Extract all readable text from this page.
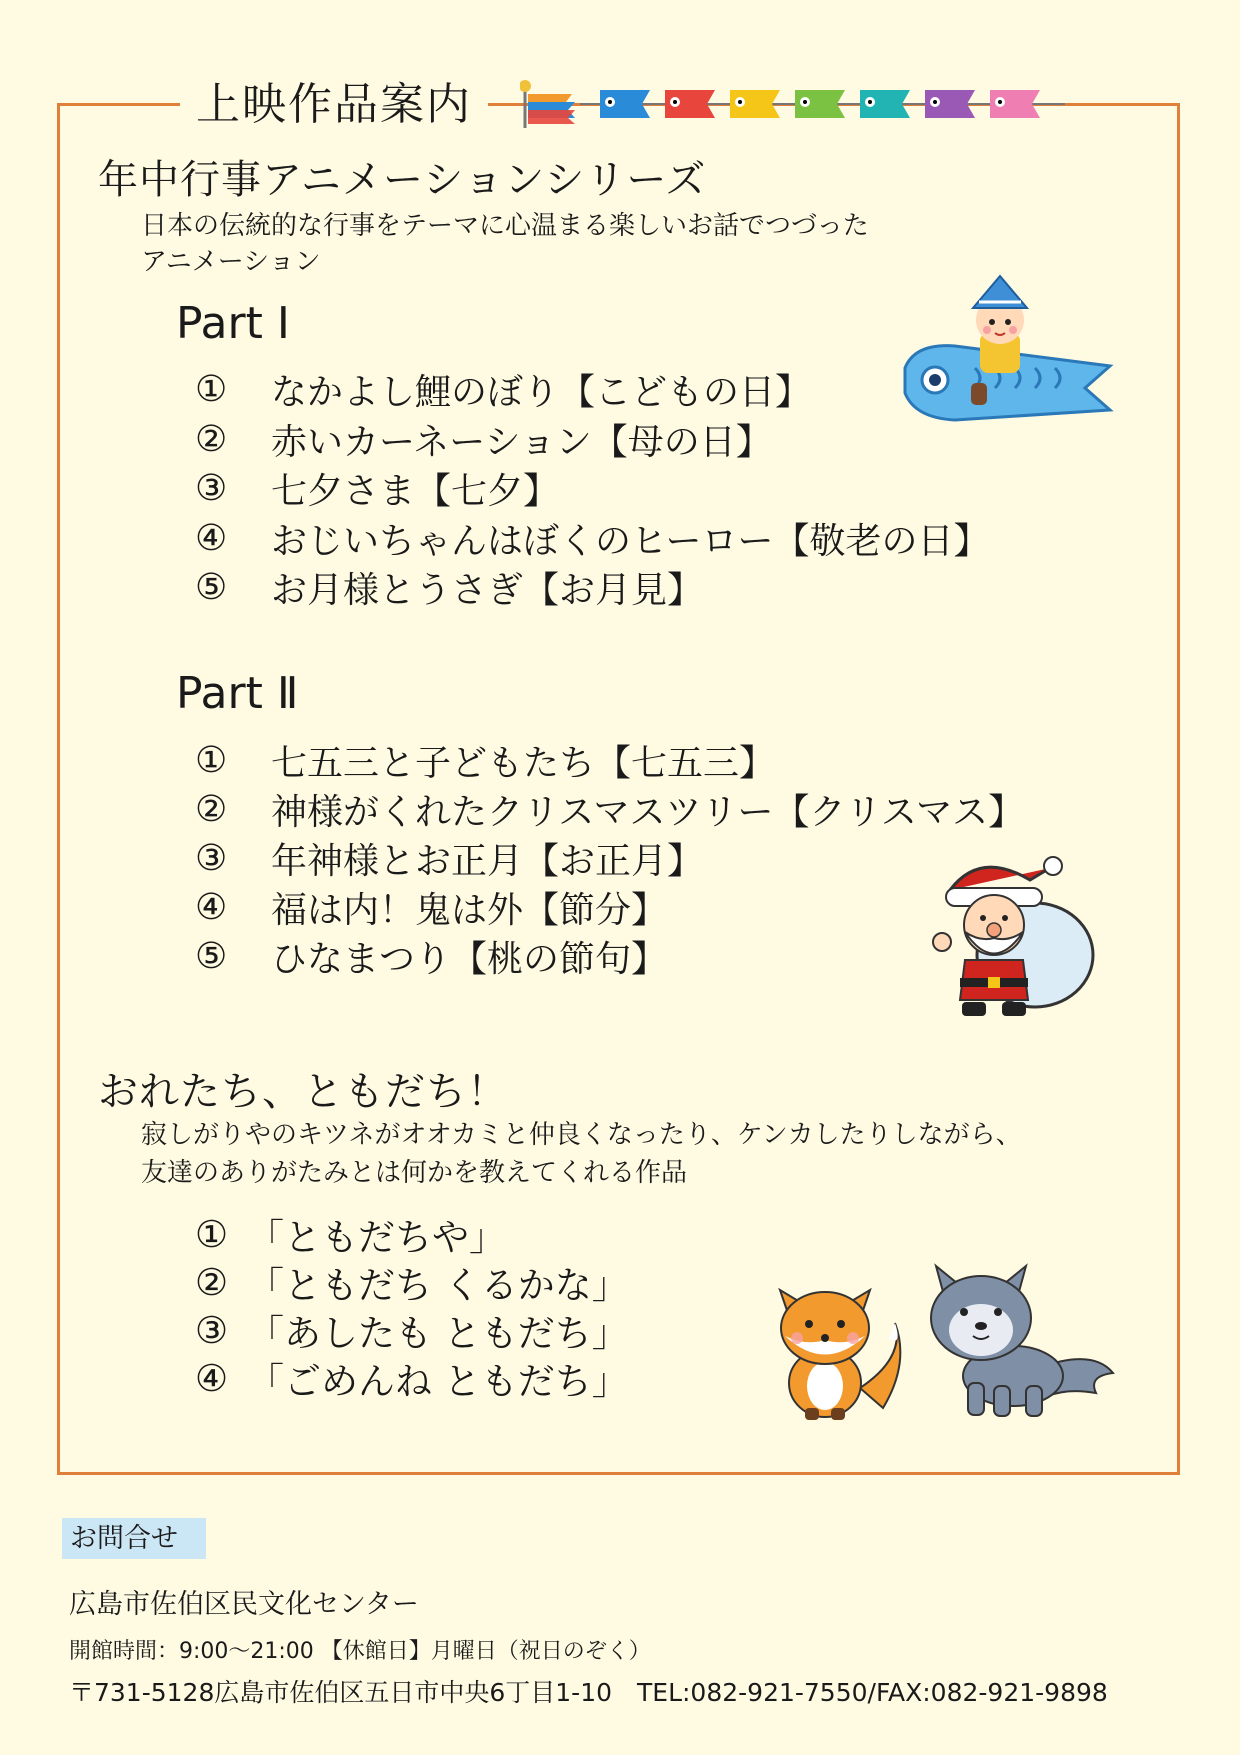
上映作品案内
年中行事アニメーションシリーズ

日本の伝統的な行事をテーマに心温まる楽しいお話でつづった

アニメーション

Part Ⅰ
①	なかよし鯉のぼり【こどもの日】
②	赤いカーネーション【母の日】
③	七夕さま【七夕】
④	おじいちゃんはぼくのヒーロー【敬老の日】
⑤	お月様とうさぎ【お月見】
Part Ⅱ
①	七五三と子どもたち【七五三】
②	神様がくれたクリスマスツリー【クリスマス】
③	年神様とお正月【お正月】
④	福は内！鬼は外【節分】
⑤	ひなまつり【桃の節句】
おれたち、ともだち！

寂しがりやのキツネがオオカミと仲良くなったり、ケンカしたりしながら、

友達のありがたみとは何かを教えてくれる作品

① 「ともだちや」
② 「ともだち くるかな」
③ 「あしたも ともだち」
④ 「ごめんね ともだち」
お問合せ

広島市佐伯区民文化センター

開館時間：9:00～21:00 【休館日】月曜日（祝日のぞく）

〒731-5128広島市佐伯区五日市中央6丁目1-10　TEL:082-921-7550/FAX:082-921-9898
